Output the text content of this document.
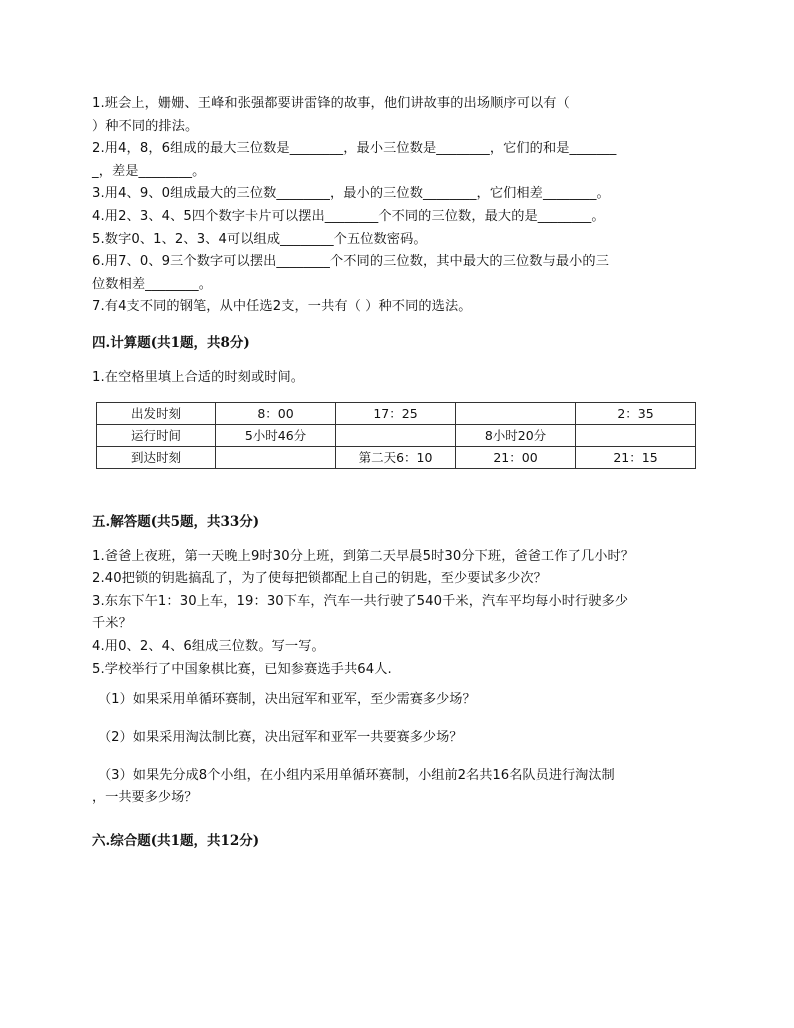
1.班会上，姗姗、王峰和张强都要讲雷锋的故事，他们讲故事的出场顺序可以有（
）种不同的排法。
2.用4，8，6组成的最大三位数是________，最小三位数是________，它们的和是_______
_，差是________。
3.用4、9、0组成最大的三位数________，最小的三位数________，它们相差________。
4.用2、3、4、5四个数字卡片可以摆出________个不同的三位数，最大的是________。
5.数字0、1、2、3、4可以组成________个五位数密码。
6.用7、0、9三个数字可以摆出________个不同的三位数，其中最大的三位数与最小的三
位数相差________。
7.有4支不同的钢笔，从中任选2支，一共有（ ）种不同的选法。
四.计算题(共1题，共8分)
1.在空格里填上合适的时刻或时间。
出发时刻	8：00	17：25		2：35
运行时间	5小时46分		8小时20分	
到达时刻		第二天6：10	21：00	21：15
五.解答题(共5题，共33分)
1.爸爸上夜班，第一天晚上9时30分上班，到第二天早晨5时30分下班，爸爸工作了几小时？
2.40把锁的钥匙搞乱了，为了使每把锁都配上自己的钥匙，至少要试多少次？
3.东东下午1：30上车，19：30下车，汽车一共行驶了540千米，汽车平均每小时行驶多少
千米？
4.用0、2、4、6组成三位数。写一写。
5.学校举行了中国象棋比赛，已知参赛选手共64人.
（1）如果采用单循环赛制，决出冠军和亚军，至少需赛多少场？
（2）如果采用淘汰制比赛，决出冠军和亚军一共要赛多少场？
（3）如果先分成8个小组，在小组内采用单循环赛制，小组前2名共16名队员进行淘汰制
，一共要多少场？
六.综合题(共1题，共12分)
